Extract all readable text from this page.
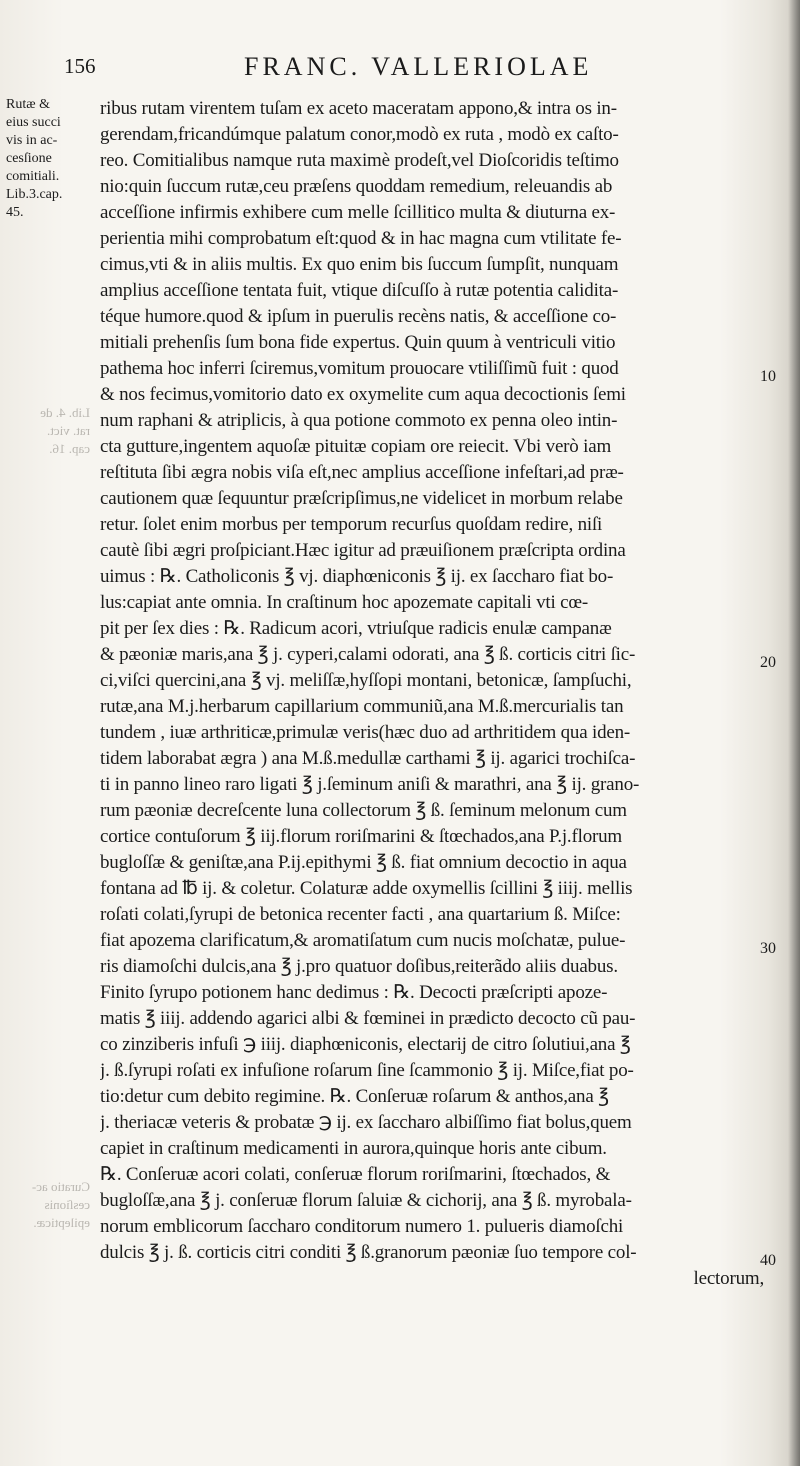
156	FRANC. VALLERIOLAE
Rutæ &
eius succi
vis in ac-
cesſione
comitiali.
Lib.3.cap.
45.
Lib. 4. de
rat. vict.
cap. 16.
Curatio ac-
cesſionis
epilepticæ.
ribus rutam virentem tuſam ex aceto maceratam appono,& intra os in-
gerendam,fricandúmque palatum conor,modò ex ruta , modò ex caſto-
reo. Comitialibus namque ruta maximè prodeſt,vel Dioſcoridis teſtimo
nio:quin ſuccum rutæ,ceu præſens quoddam remedium, releuandis ab
acceſſione infirmis exhibere cum melle ſcillitico multa & diuturna ex-
perientia mihi comprobatum eſt:quod & in hac magna cum vtilitate fe-
cimus,vti & in aliis multis. Ex quo enim bis ſuccum ſumpſit, nunquam
amplius acceſſione tentata fuit, vtique diſcuſſo à rutæ potentia calidita-
téque humore.quod & ipſum in puerulis recèns natis, & acceſſione co-
mitiali prehenſis ſum bona fide expertus. Quin quum à ventriculi vitio
pathema hoc inferri ſciremus,vomitum prouocare vtiliſſimũ fuit : quod
& nos fecimus,vomitorio dato ex oxymelite cum aqua decoctionis ſemi
num raphani & atriplicis, à qua potione commoto ex penna oleo intin-
cta gutture,ingentem aquoſæ pituitæ copiam ore reiecit. Vbi verò iam
reſtituta ſibi ægra nobis viſa eſt,nec amplius acceſſione infeſtari,ad præ-
cautionem quæ ſequuntur præſcripſimus,ne videlicet in morbum relabe
retur. ſolet enim morbus per temporum recurſus quoſdam redire, niſi
cautè ſibi ægri proſpiciant.Hæc igitur ad præuiſionem præſcripta ordina
uimus : ℞. Catholiconis ℥ vj. diaphœniconis ℥ ij. ex ſaccharo fiat bo-
lus:capiat ante omnia. In craſtinum hoc apozemate capitali vti cœ-
pit per ſex dies : ℞. Radicum acori, vtriuſque radicis enulæ campanæ
& pæoniæ maris,ana ℥ j. cyperi,calami odorati, ana ℥ ß. corticis citri ſic-
ci,viſci quercini,ana ℥ vj. meliſſæ,hyſſopi montani, betonicæ, ſampſuchi,
rutæ,ana M.j.herbarum capillarium communiũ,ana M.ß.mercurialis tan
tundem , iuæ arthriticæ,primulæ veris(hæc duo ad arthritidem qua iden-
tidem laborabat ægra ) ana M.ß.medullæ carthami ℥ ij. agarici trochiſca-
ti in panno lineo raro ligati ℥ j.ſeminum aniſi & marathri, ana ℥ ij. grano-
rum pæoniæ decreſcente luna collectorum ℥ ß. ſeminum melonum cum
cortice contuſorum ℥ iij.florum roriſmarini & ſtœchados,ana P.j.florum
bugloſſæ & geniſtæ,ana P.ij.epithymi ℥ ß. fiat omnium decoctio in aqua
fontana ad ℔ ij. & coletur. Colaturæ adde oxymellis ſcillini ℥ iiij. mellis
roſati colati,ſyrupi de betonica recenter facti , ana quartarium ß. Miſce:
fiat apozema clarificatum,& aromatiſatum cum nucis moſchatæ, pulue-
ris diamoſchi dulcis,ana ℥ j.pro quatuor doſibus,reiterãdo aliis duabus.
Finito ſyrupo potionem hanc dedimus : ℞. Decocti præſcripti apoze-
matis ℥ iiij. addendo agarici albi & fœminei in prædicto decocto cũ pau-
co zinziberis infuſi ℈ iiij. diaphœniconis, electarij de citro ſolutiui,ana ℥
j. ß.ſyrupi roſati ex infuſione roſarum ſine ſcammonio ℥ ij. Miſce,fiat po-
tio:detur cum debito regimine. ℞. Conſeruæ roſarum & anthos,ana ℥
j. theriacæ veteris & probatæ ℈ ij. ex ſaccharo albiſſimo fiat bolus,quem
capiet in craſtinum medicamenti in aurora,quinque horis ante cibum.
℞. Conſeruæ acori colati, conſeruæ florum roriſmarini, ſtœchados, &
bugloſſæ,ana ℥ j. conſeruæ florum ſaluiæ & cichorij, ana ℥ ß. myrobala-
norum emblicorum ſaccharo conditorum numero 1. pulueris diamoſchi
dulcis ℥ j. ß. corticis citri conditi ℥ ß.granorum pæoniæ ſuo tempore col-
lectorum,
10
20
30
40
